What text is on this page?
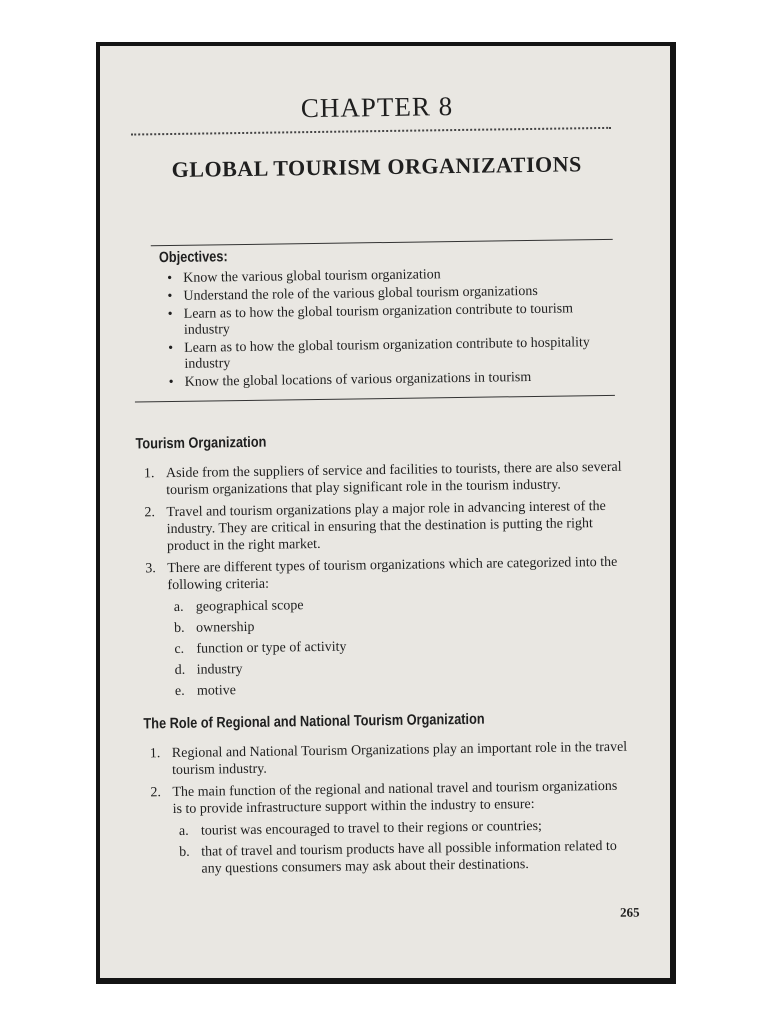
CHAPTER 8
GLOBAL TOURISM ORGANIZATIONS
Objectives:
• Know the various global tourism organization
• Understand the role of the various global tourism organizations
• Learn as to how the global tourism organization contribute to tourism industry
• Learn as to how the global tourism organization contribute to hospitality industry
• Know the global locations of various organizations in tourism
Tourism Organization
1. Aside from the suppliers of service and facilities to tourists, there are also several tourism organizations that play significant role in the tourism industry.
2. Travel and tourism organizations play a major role in advancing interest of the industry. They are critical in ensuring that the destination is putting the right product in the right market.
3. There are different types of tourism organizations which are categorized into the following criteria:
a. geographical scope
b. ownership
c. function or type of activity
d. industry
e. motive
The Role of Regional and National Tourism Organization
1. Regional and National Tourism Organizations play an important role in the travel tourism industry.
2. The main function of the regional and national travel and tourism organizations is to provide infrastructure support within the industry to ensure:
a. tourist was encouraged to travel to their regions or countries;
b. that of travel and tourism products have all possible information related to any questions consumers may ask about their destinations.
265
